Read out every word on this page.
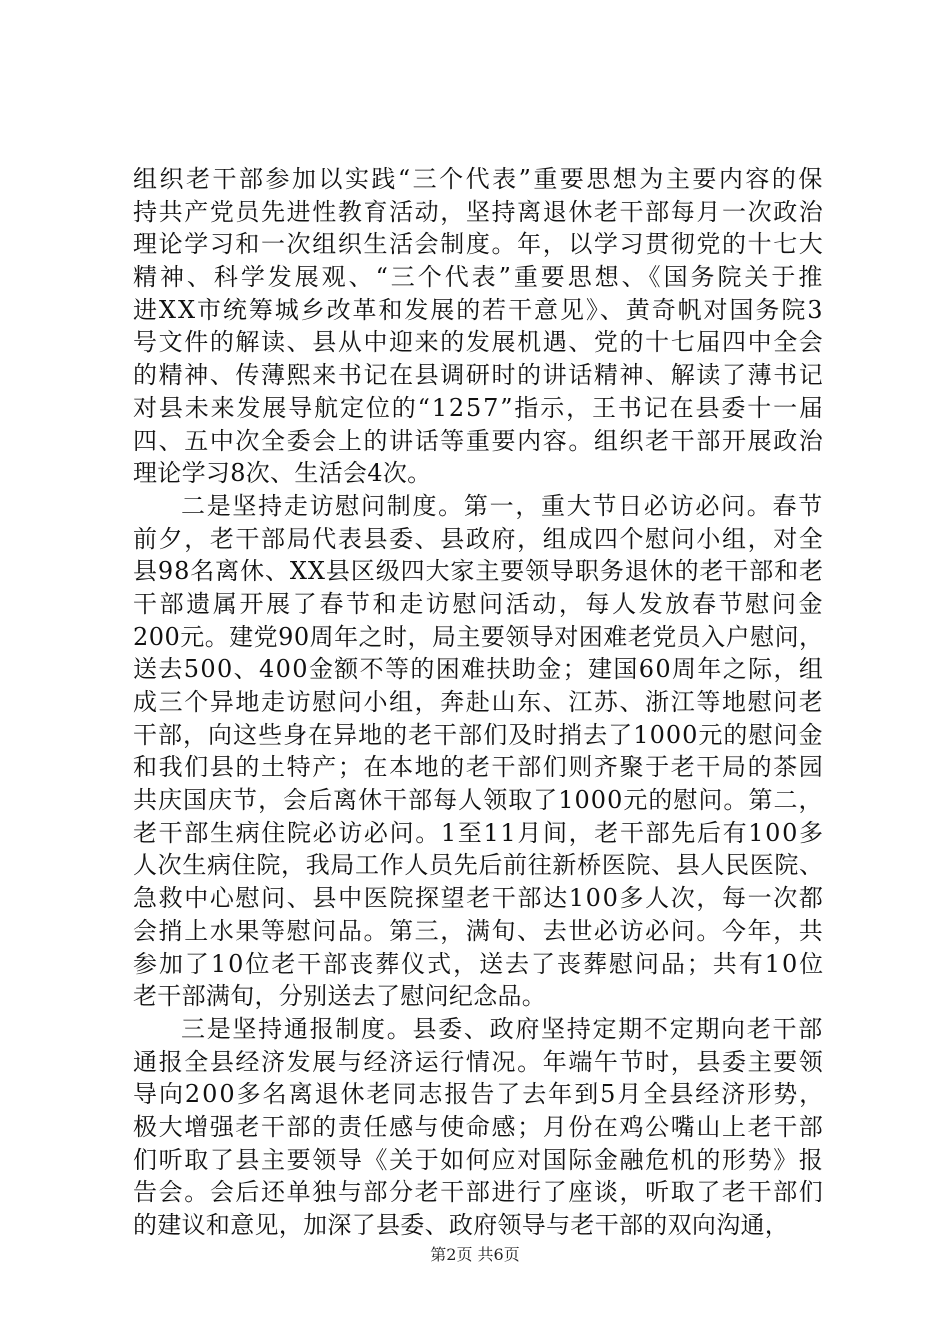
组织老干部参加以实践“三个代表”重要思想为主要内容的保
持共产党员先进性教育活动，坚持离退休老干部每月一次政治
理论学习和一次组织生活会制度。年，以学习贯彻党的十七大
精神、科学发展观、“三个代表”重要思想、《国务院关于推
进XX市统筹城乡改革和发展的若干意见》、黄奇帆对国务院3
号文件的解读、县从中迎来的发展机遇、党的十七届四中全会
的精神、传薄熙来书记在县调研时的讲话精神、解读了薄书记
对县未来发展导航定位的“1257”指示，王书记在县委十一届
四、五中次全委会上的讲话等重要内容。组织老干部开展政治
理论学习8次、生活会4次。
二是坚持走访慰问制度。第一，重大节日必访必问。春节
前夕，老干部局代表县委、县政府，组成四个慰问小组，对全
县98名离休、XX县区级四大家主要领导职务退休的老干部和老
干部遗属开展了春节和走访慰问活动，每人发放春节慰问金
200元。建党90周年之时，局主要领导对困难老党员入户慰问，
送去500、400金额不等的困难扶助金；建国60周年之际，组
成三个异地走访慰问小组，奔赴山东、江苏、浙江等地慰问老
干部，向这些身在异地的老干部们及时捎去了1000元的慰问金
和我们县的土特产；在本地的老干部们则齐聚于老干局的茶园
共庆国庆节，会后离休干部每人领取了1000元的慰问。第二，
老干部生病住院必访必问。1至11月间，老干部先后有100多
人次生病住院，我局工作人员先后前往新桥医院、县人民医院、
急救中心慰问、县中医院探望老干部达100多人次，每一次都
会捎上水果等慰问品。第三，满旬、去世必访必问。今年，共
参加了10位老干部丧葬仪式，送去了丧葬慰问品；共有10位
老干部满旬，分别送去了慰问纪念品。
三是坚持通报制度。县委、政府坚持定期不定期向老干部
通报全县经济发展与经济运行情况。年端午节时，县委主要领
导向200多名离退休老同志报告了去年到5月全县经济形势，
极大增强老干部的责任感与使命感；月份在鸡公嘴山上老干部
们听取了县主要领导《关于如何应对国际金融危机的形势》报
告会。会后还单独与部分老干部进行了座谈，听取了老干部们
的建议和意见，加深了县委、政府领导与老干部的双向沟通，
第2页 共6页
